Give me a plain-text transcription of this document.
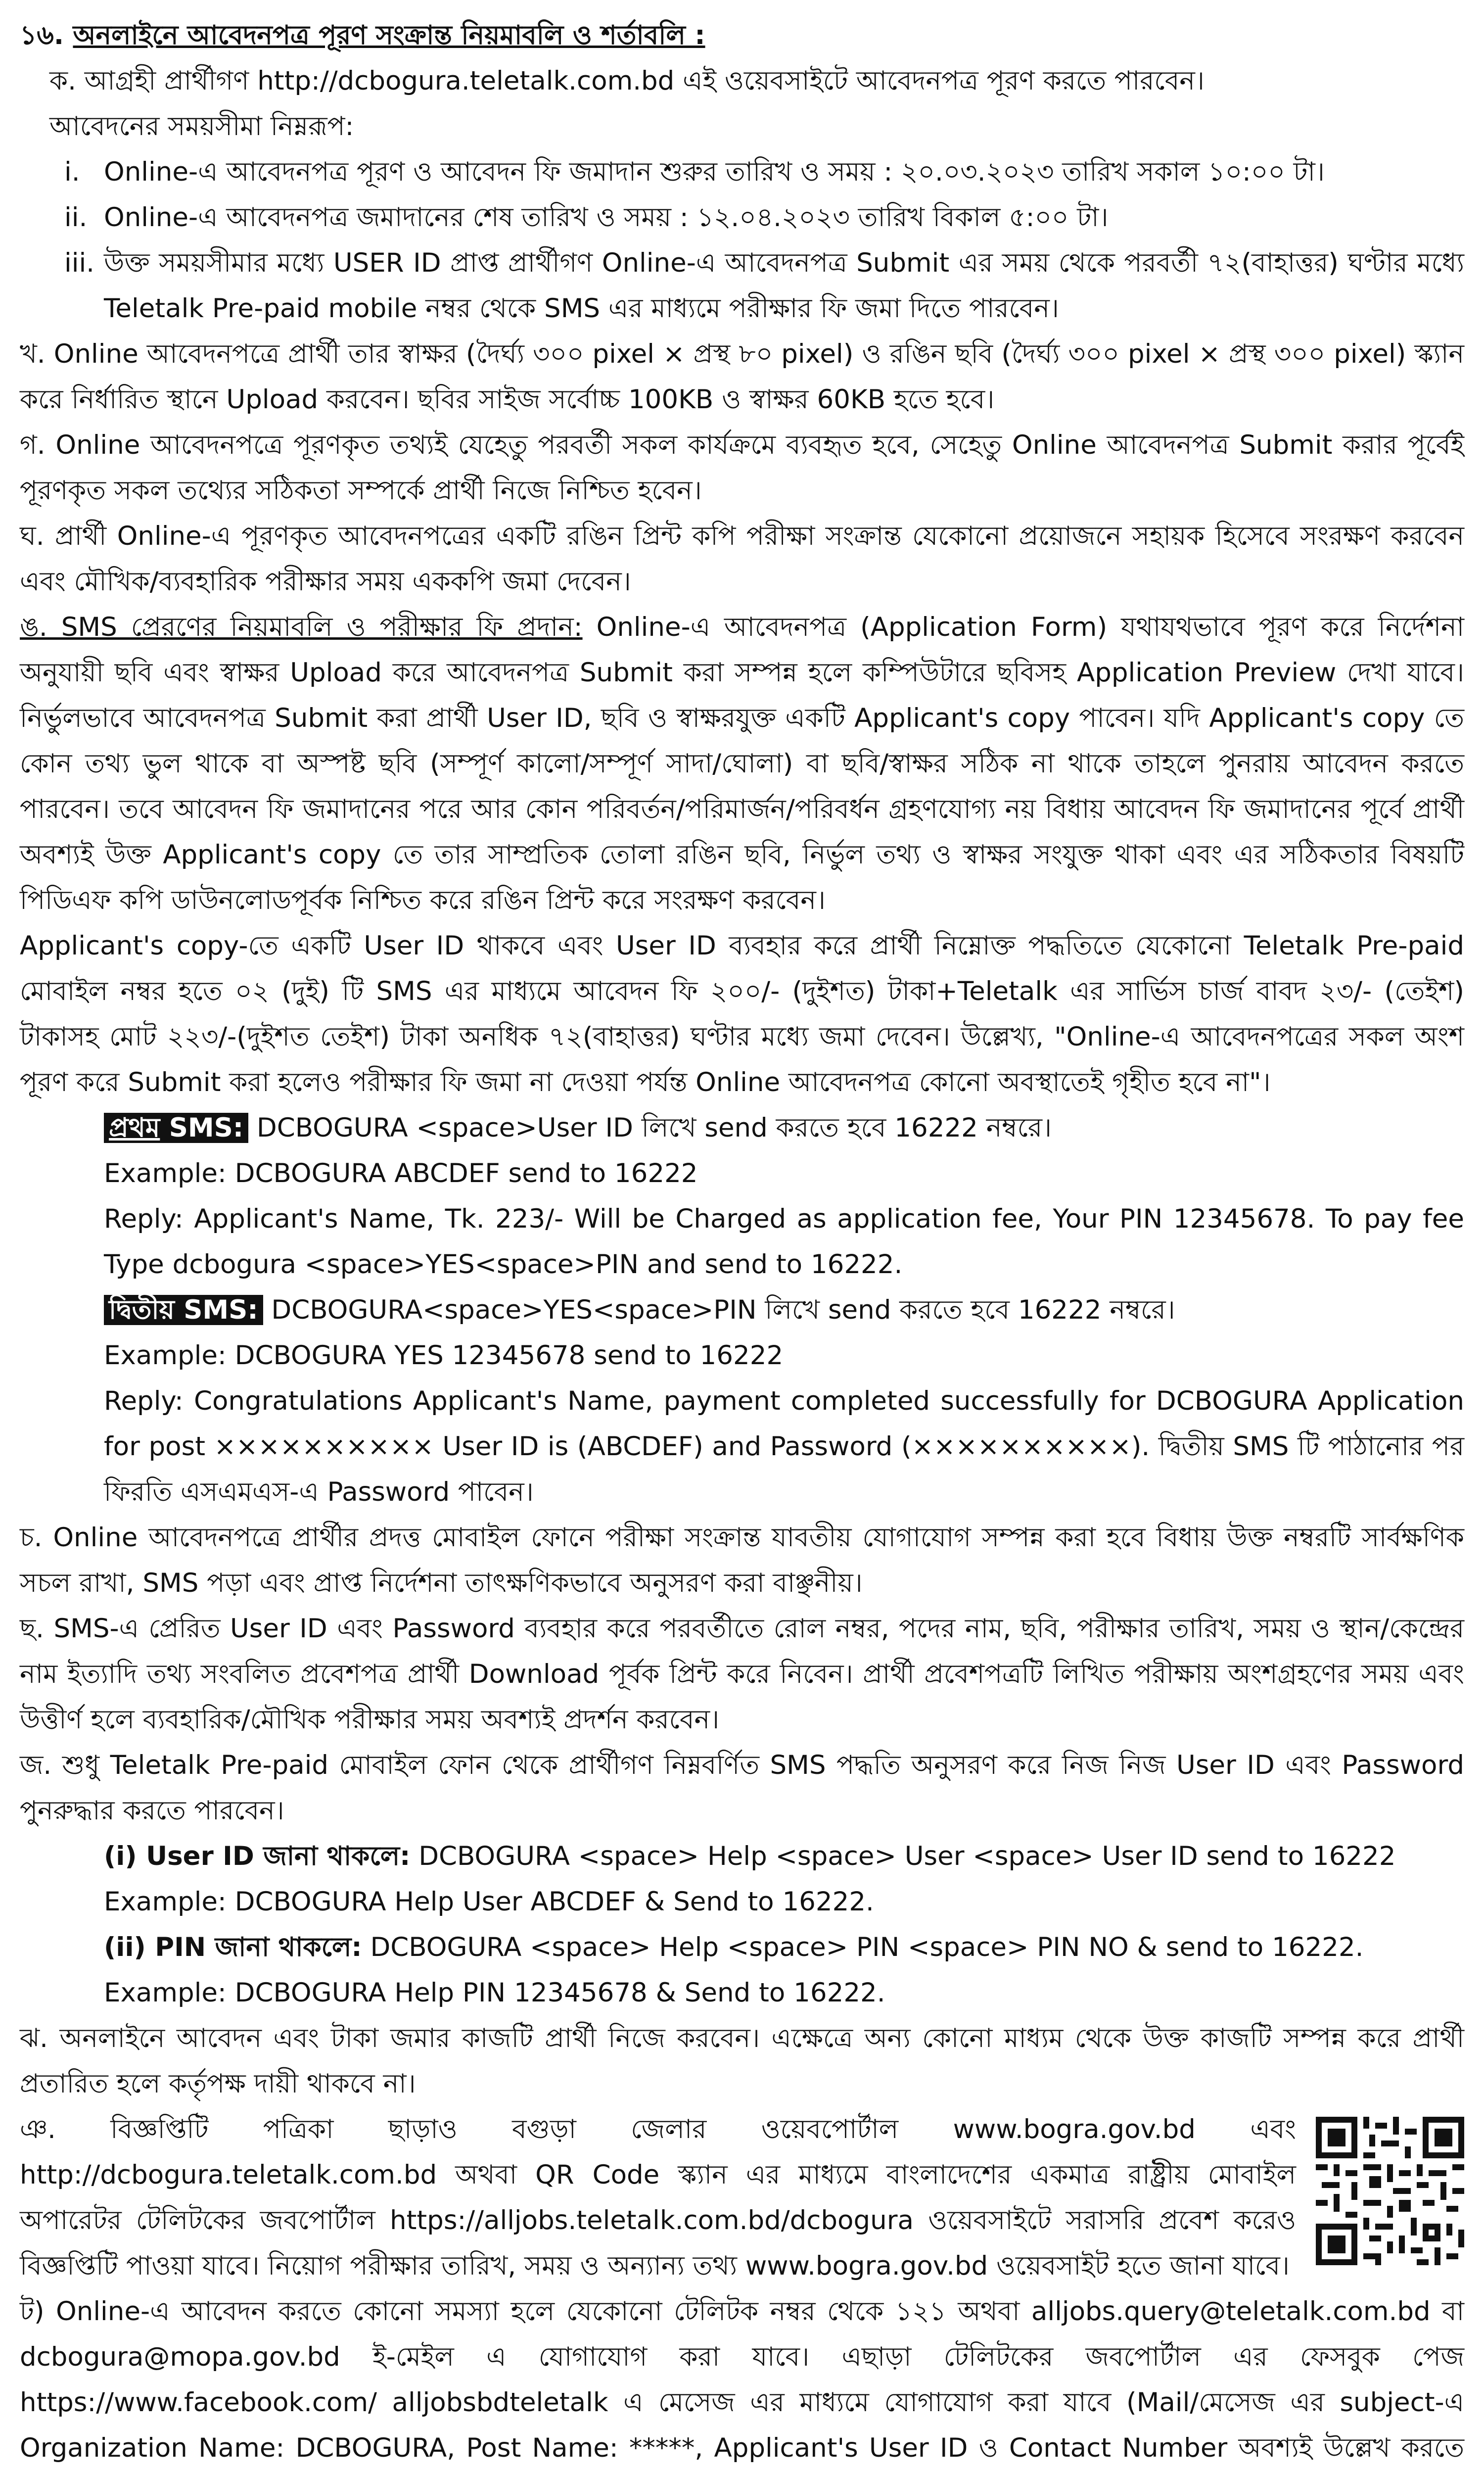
১৬. অনলাইনে আবেদনপত্র পূরণ সংক্রান্ত নিয়মাবলি ও শর্তাবলি :

ক. আগ্রহী প্রার্থীগণ http://dcbogura.teletalk.com.bd এই ওয়েবসাইটে আবেদনপত্র পূরণ করতে পারবেন।

আবেদনের সময়সীমা নিম্নরূপ:

i. Online-এ আবেদনপত্র পূরণ ও আবেদন ফি জমাদান শুরুর তারিখ ও সময় : ২০.০৩.২০২৩ তারিখ সকাল ১০:০০ টা।
ii. Online-এ আবেদনপত্র জমাদানের শেষ তারিখ ও সময় : ১২.০৪.২০২৩ তারিখ বিকাল ৫:০০ টা।
iii. উক্ত সময়সীমার মধ্যে USER ID প্রাপ্ত প্রার্থীগণ Online-এ আবেদনপত্র Submit এর সময় থেকে পরবর্তী ৭২(বাহাত্তর) ঘণ্টার মধ্যে Teletalk Pre-paid mobile নম্বর থেকে SMS এর মাধ্যমে পরীক্ষার ফি জমা দিতে পারবেন।

খ. Online আবেদনপত্রে প্রার্থী তার স্বাক্ষর (দৈর্ঘ্য ৩০০ pixel × প্রস্থ ৮০ pixel) ও রঙিন ছবি (দৈর্ঘ্য ৩০০ pixel × প্রস্থ ৩০০ pixel) স্ক্যান করে নির্ধারিত স্থানে Upload করবেন। ছবির সাইজ সর্বোচ্চ 100KB ও স্বাক্ষর 60KB হতে হবে।

গ. Online আবেদনপত্রে পূরণকৃত তথ্যই যেহেতু পরবর্তী সকল কার্যক্রমে ব্যবহৃত হবে, সেহেতু Online আবেদনপত্র Submit করার পূর্বেই পূরণকৃত সকল তথ্যের সঠিকতা সম্পর্কে প্রার্থী নিজে নিশ্চিত হবেন।

ঘ. প্রার্থী Online-এ পূরণকৃত আবেদনপত্রের একটি রঙিন প্রিন্ট কপি পরীক্ষা সংক্রান্ত যেকোনো প্রয়োজনে সহায়ক হিসেবে সংরক্ষণ করবেন এবং মৌখিক/ব্যবহারিক পরীক্ষার সময় এককপি জমা দেবেন।

ঙ. SMS প্রেরণের নিয়মাবলি ও পরীক্ষার ফি প্রদান: Online-এ আবেদনপত্র (Application Form) যথাযথভাবে পূরণ করে নির্দেশনা অনুযায়ী ছবি এবং স্বাক্ষর Upload করে আবেদনপত্র Submit করা সম্পন্ন হলে কম্পিউটারে ছবিসহ Application Preview দেখা যাবে। নির্ভুলভাবে আবেদনপত্র Submit করা প্রার্থী User ID, ছবি ও স্বাক্ষরযুক্ত একটি Applicant's copy পাবেন। যদি Applicant's copy তে কোন তথ্য ভুল থাকে বা অস্পষ্ট ছবি (সম্পূর্ণ কালো/সম্পূর্ণ সাদা/ঘোলা) বা ছবি/স্বাক্ষর সঠিক না থাকে তাহলে পুনরায় আবেদন করতে পারবেন। তবে আবেদন ফি জমাদানের পরে আর কোন পরিবর্তন/পরিমার্জন/পরিবর্ধন গ্রহণযোগ্য নয় বিধায় আবেদন ফি জমাদানের পূর্বে প্রার্থী অবশ্যই উক্ত Applicant's copy তে তার সাম্প্রতিক তোলা রঙিন ছবি, নির্ভুল তথ্য ও স্বাক্ষর সংযুক্ত থাকা এবং এর সঠিকতার বিষয়টি পিডিএফ কপি ডাউনলোডপূর্বক নিশ্চিত করে রঙিন প্রিন্ট করে সংরক্ষণ করবেন।

Applicant's copy-তে একটি User ID থাকবে এবং User ID ব্যবহার করে প্রার্থী নিম্নোক্ত পদ্ধতিতে যেকোনো Teletalk Pre-paid মোবাইল নম্বর হতে ০২ (দুই) টি SMS এর মাধ্যমে আবেদন ফি ২০০/- (দুইশত) টাকা+Teletalk এর সার্ভিস চার্জ বাবদ ২৩/- (তেইশ) টাকাসহ মোট ২২৩/-(দুইশত তেইশ) টাকা অনধিক ৭২(বাহাত্তর) ঘণ্টার মধ্যে জমা দেবেন। উল্লেখ্য, "Online-এ আবেদনপত্রের সকল অংশ পূরণ করে Submit করা হলেও পরীক্ষার ফি জমা না দেওয়া পর্যন্ত Online আবেদনপত্র কোনো অবস্থাতেই গৃহীত হবে না"।

প্রথম SMS: DCBOGURA <space>User ID লিখে send করতে হবে 16222 নম্বরে।

Example: DCBOGURA ABCDEF send to 16222

Reply: Applicant's Name, Tk. 223/- Will be Charged as application fee, Your PIN 12345678. To pay fee Type dcbogura <space>YES<space>PIN and send to 16222.

দ্বিতীয় SMS: DCBOGURA<space>YES<space>PIN লিখে send করতে হবে 16222 নম্বরে।

Example: DCBOGURA YES 12345678 send to 16222

Reply: Congratulations Applicant's Name, payment completed successfully for DCBOGURA Application for post ×××××××××× User ID is (ABCDEF) and Password (××××××××××). দ্বিতীয় SMS টি পাঠানোর পর ফিরতি এসএমএস-এ Password পাবেন।

চ. Online আবেদনপত্রে প্রার্থীর প্রদত্ত মোবাইল ফোনে পরীক্ষা সংক্রান্ত যাবতীয় যোগাযোগ সম্পন্ন করা হবে বিধায় উক্ত নম্বরটি সার্বক্ষণিক সচল রাখা, SMS পড়া এবং প্রাপ্ত নির্দেশনা তাৎক্ষণিকভাবে অনুসরণ করা বাঞ্ছনীয়।

ছ. SMS-এ প্রেরিত User ID এবং Password ব্যবহার করে পরবর্তীতে রোল নম্বর, পদের নাম, ছবি, পরীক্ষার তারিখ, সময় ও স্থান/কেন্দ্রের নাম ইত্যাদি তথ্য সংবলিত প্রবেশপত্র প্রার্থী Download পূর্বক প্রিন্ট করে নিবেন। প্রার্থী প্রবেশপত্রটি লিখিত পরীক্ষায় অংশগ্রহণের সময় এবং উত্তীর্ণ হলে ব্যবহারিক/মৌখিক পরীক্ষার সময় অবশ্যই প্রদর্শন করবেন।

জ. শুধু Teletalk Pre-paid মোবাইল ফোন থেকে প্রার্থীগণ নিম্নবর্ণিত SMS পদ্ধতি অনুসরণ করে নিজ নিজ User ID এবং Password পুনরুদ্ধার করতে পারবেন।

(i) User ID জানা থাকলে: DCBOGURA <space> Help <space> User <space> User ID send to 16222

Example: DCBOGURA Help User ABCDEF & Send to 16222.

(ii) PIN জানা থাকলে: DCBOGURA <space> Help <space> PIN <space> PIN NO & send to 16222.

Example: DCBOGURA Help PIN 12345678 & Send to 16222.

ঝ. অনলাইনে আবেদন এবং টাকা জমার কাজটি প্রার্থী নিজে করবেন। এক্ষেত্রে অন্য কোনো মাধ্যম থেকে উক্ত কাজটি সম্পন্ন করে প্রার্থী প্রতারিত হলে কর্তৃপক্ষ দায়ী থাকবে না।

ঞ. বিজ্ঞপ্তিটি পত্রিকা ছাড়াও বগুড়া জেলার ওয়েবপোর্টাল www.bogra.gov.bd এবং http://dcbogura.teletalk.com.bd অথবা QR Code স্ক্যান এর মাধ্যমে বাংলাদেশের একমাত্র রাষ্ট্রীয় মোবাইল অপারেটর টেলিটকের জবপোর্টাল https://alljobs.teletalk.com.bd/dcbogura ওয়েবসাইটে সরাসরি প্রবেশ করেও বিজ্ঞপ্তিটি পাওয়া যাবে। নিয়োগ পরীক্ষার তারিখ, সময় ও অন্যান্য তথ্য www.bogra.gov.bd ওয়েবসাইট হতে জানা যাবে।

ট) Online-এ আবেদন করতে কোনো সমস্যা হলে যেকোনো টেলিটক নম্বর থেকে ১২১ অথবা alljobs.query@teletalk.com.bd বা dcbogura@mopa.gov.bd ই-মেইল এ যোগাযোগ করা যাবে। এছাড়া টেলিটকের জবপোর্টাল এর ফেসবুক পেজ https://www.facebook.com/ alljobsbdteletalk এ মেসেজ এর মাধ্যমে যোগাযোগ করা যাবে (Mail/মেসেজ এর subject-এ Organization Name: DCBOGURA, Post Name: *****, Applicant's User ID ও Contact Number অবশ্যই উল্লেখ করতে
